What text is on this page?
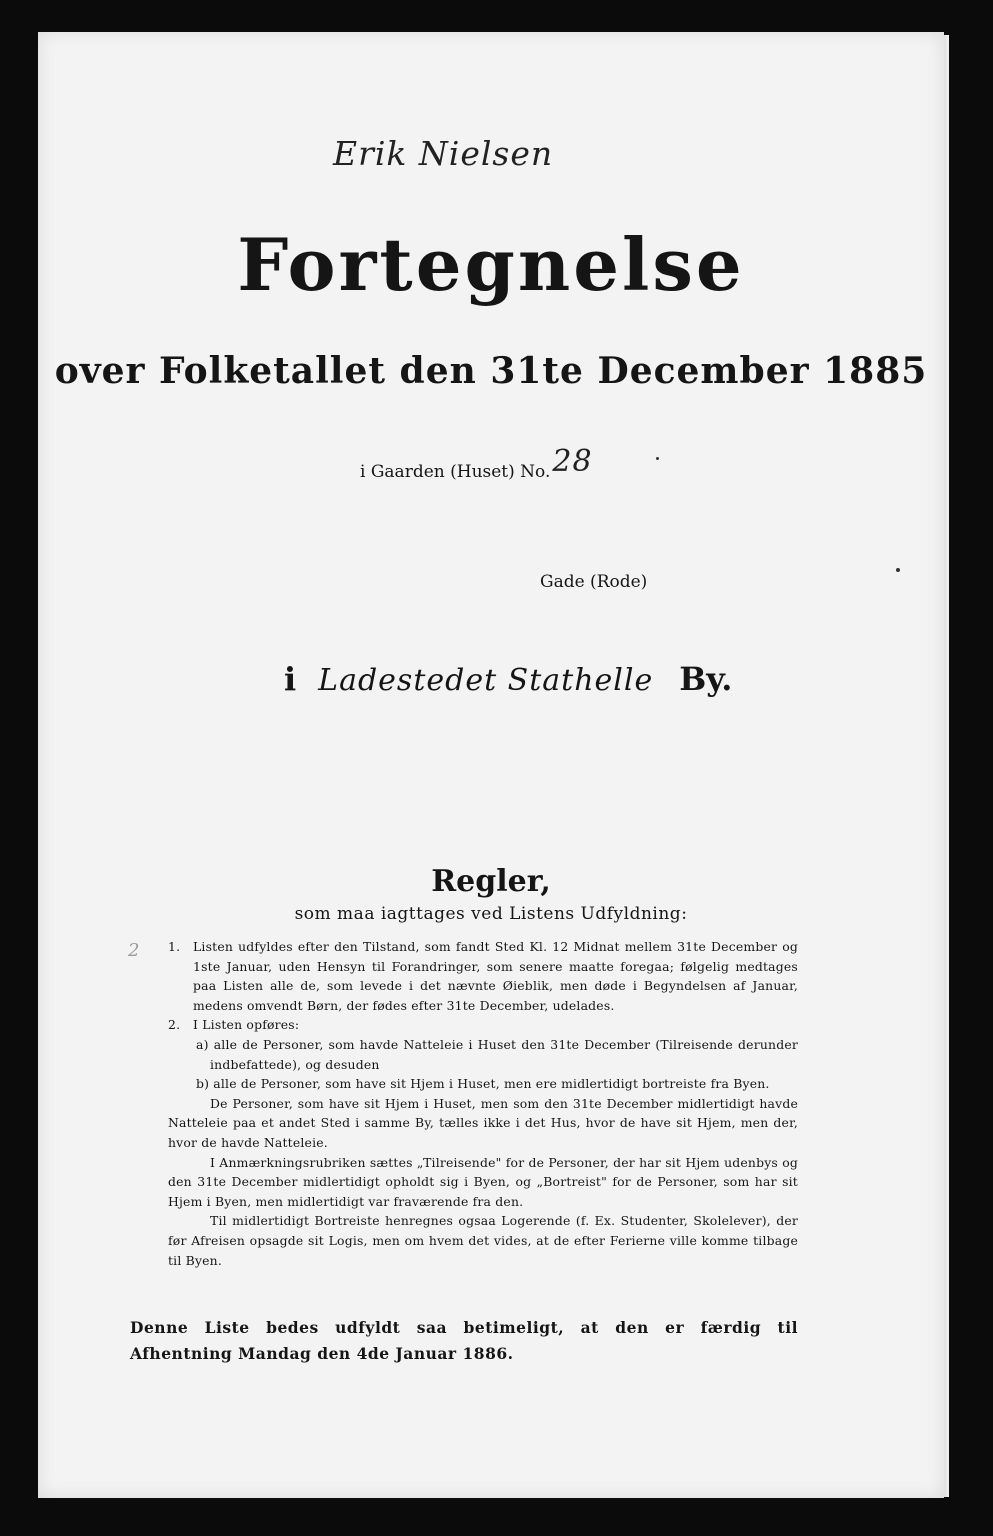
Erik Nielsen
Fortegnelse
over Folketallet den 31te December 1885
i Gaarden (Huset) No.28
Gade (Rode)
i Ladestedet Stathelle By.
Regler,
som maa iagttages ved Listens Udfyldning:
2 1.	Listen udfyldes efter den Tilstand, som fandt Sted Kl. 12 Midnat mellem 31te December og 1ste Januar, uden Hensyn til Forandringer, som senere maatte foregaa; følgelig medtages paa Listen alle de, som levede i det nævnte Øieblik, men døde i Begyndelsen af Januar, medens omvendt Børn, der fødes efter 31te December, udelades.

2.	I Listen opføres:

a) alle de Personer, som havde Natteleie i Huset den 31te December (Tilreisende derunder indbefattede), og desuden

b) alle de Personer, som have sit Hjem i Huset, men ere midlertidigt bortreiste fra Byen.

De Personer, som have sit Hjem i Huset, men som den 31te December midlertidigt havde Natteleie paa et andet Sted i samme By, tælles ikke i det Hus, hvor de have sit Hjem, men der, hvor de havde Natteleie.

I Anmærkningsrubriken sættes „Tilreisende" for de Personer, der har sit Hjem udenbys og den 31te December midlertidigt opholdt sig i Byen, og „Bortreist" for de Personer, som har sit Hjem i Byen, men midlertidigt var fraværende fra den.

Til midlertidigt Bortreiste henregnes ogsaa Logerende (f. Ex. Studenter, Skolelever), der før Afreisen opsagde sit Logis, men om hvem det vides, at de efter Ferierne ville komme tilbage til Byen.

Denne Liste bedes udfyldt saa betimeligt, at den er færdig til Afhentning Mandag den 4de Januar 1886.
